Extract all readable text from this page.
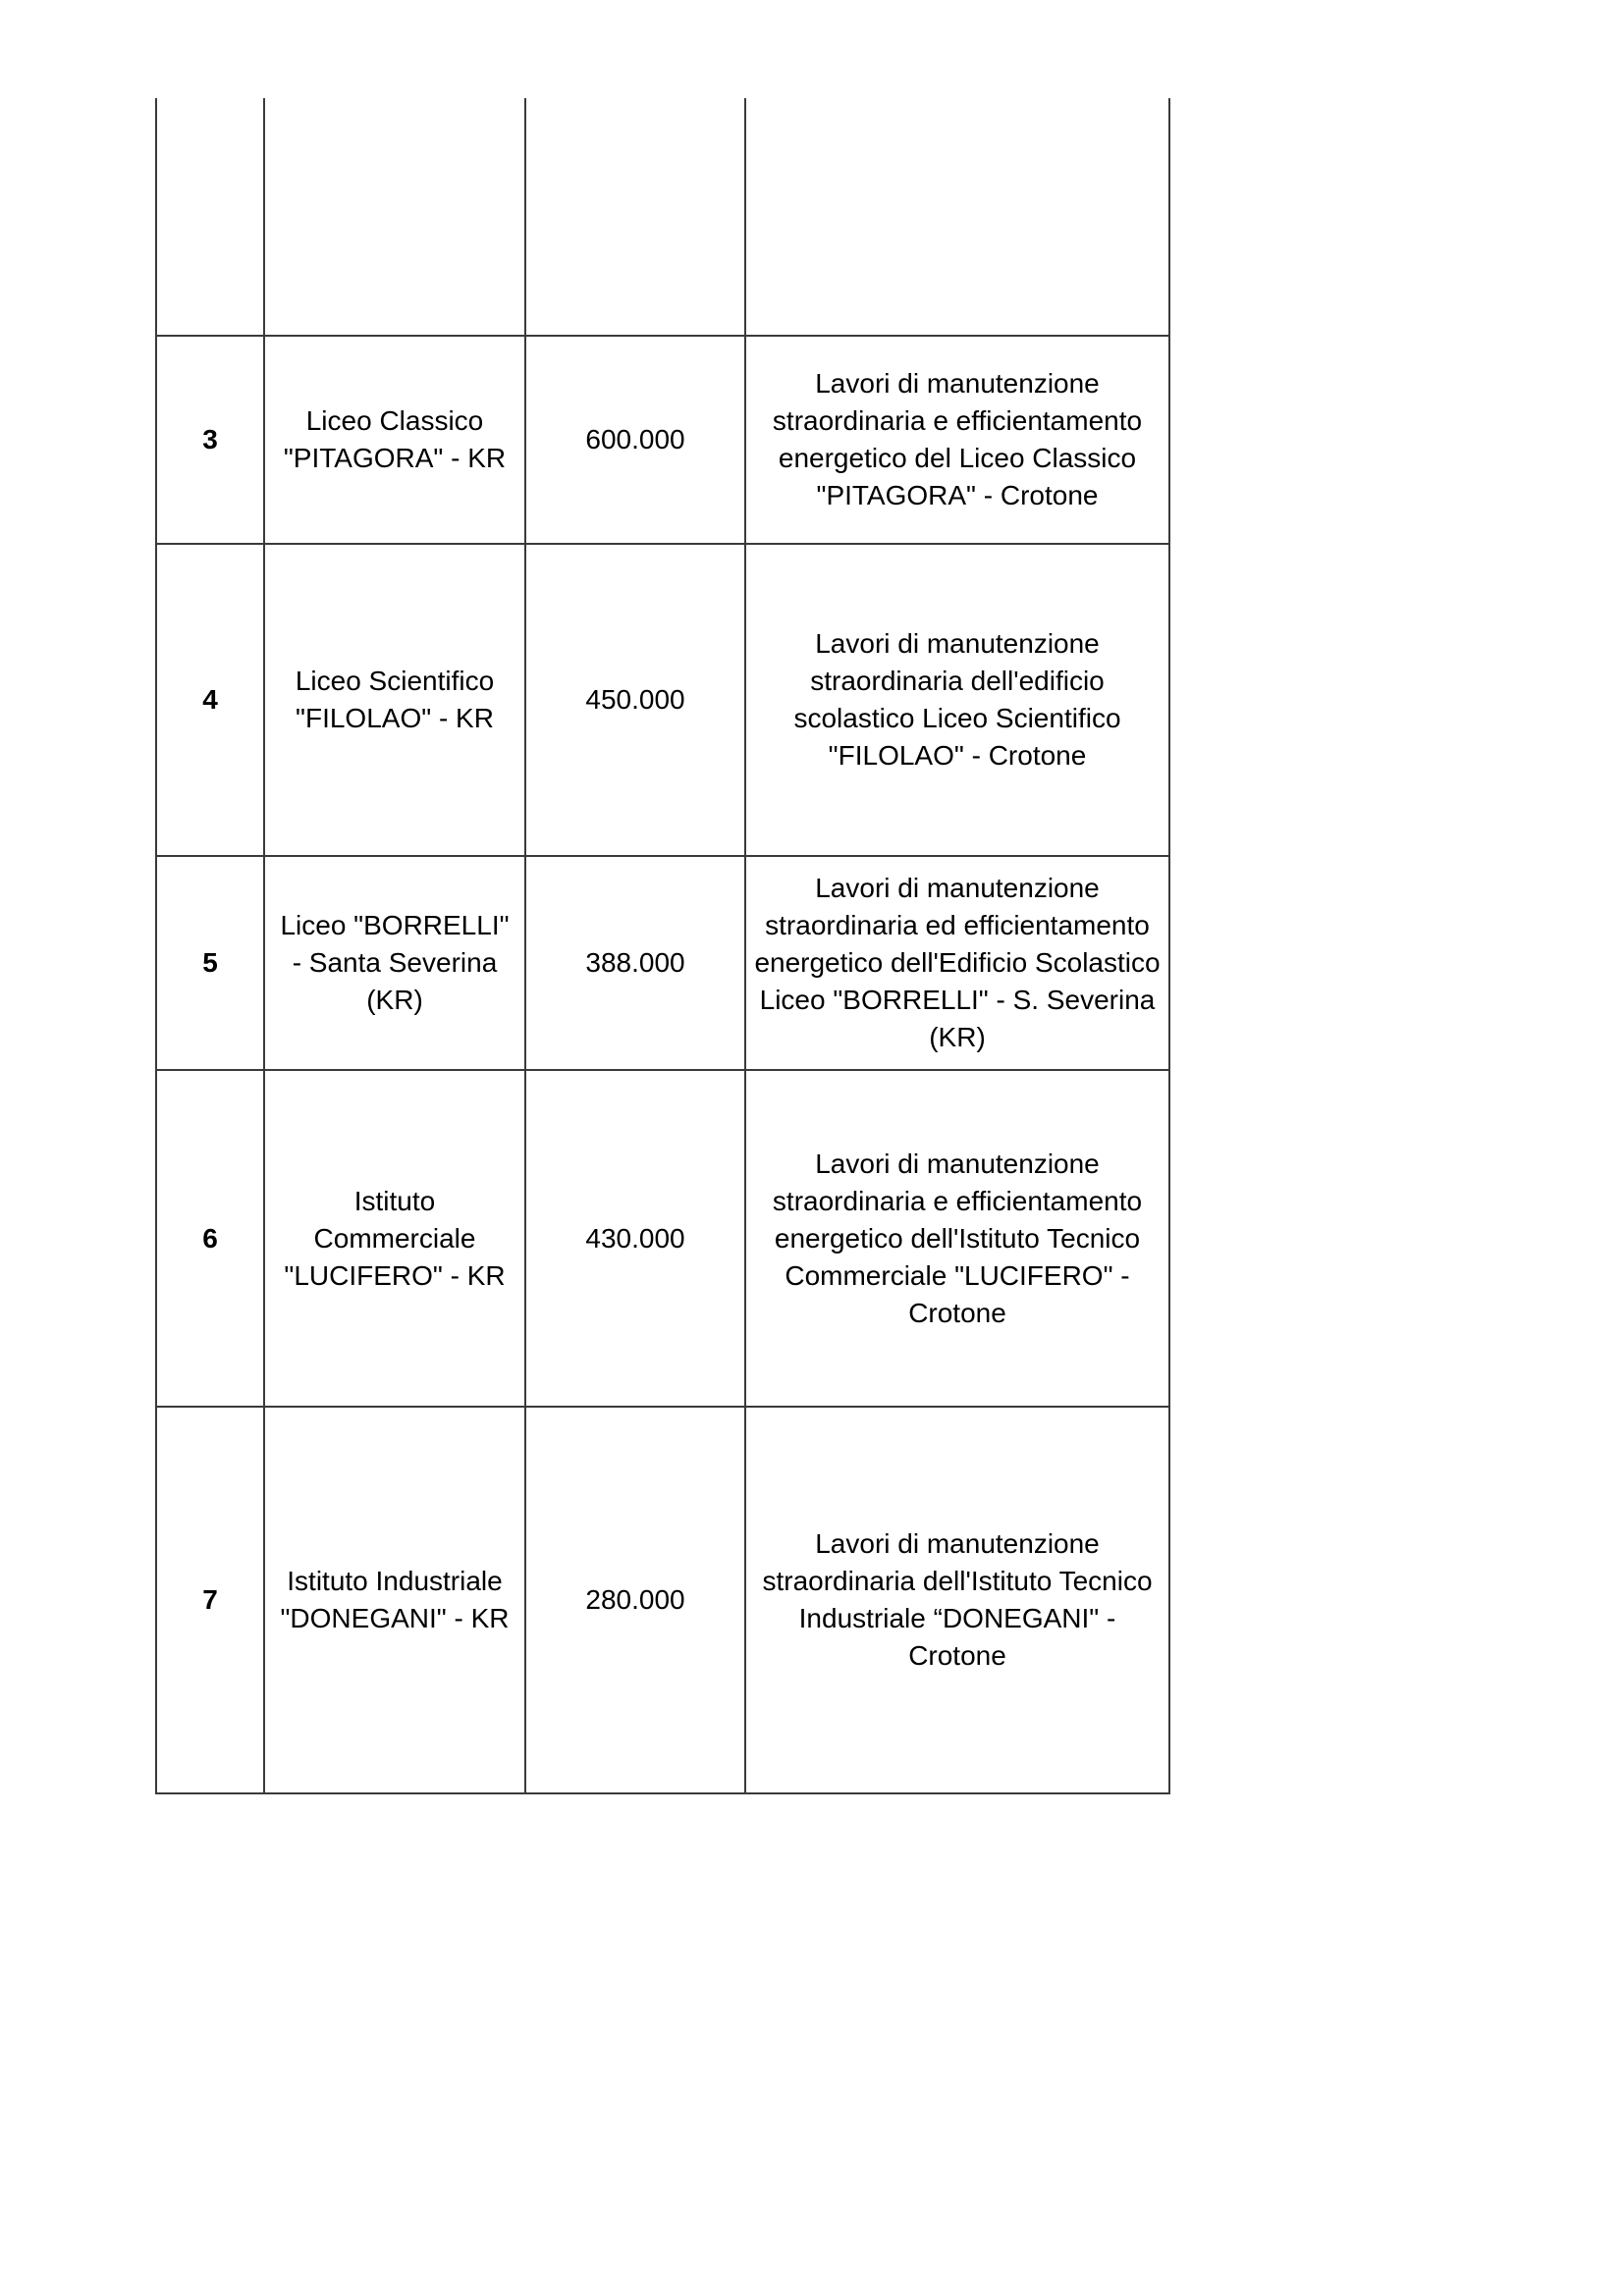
3	Liceo Classico "PITAGORA" - KR	600.000	Lavori di manutenzione straordinaria e efficientamento energetico del Liceo Classico "PITAGORA" - Crotone
4	Liceo Scientifico "FILOLAO" - KR	450.000	Lavori di manutenzione straordinaria dell'edificio scolastico Liceo Scientifico "FILOLAO" - Crotone
5	Liceo "BORRELLI" - Santa Severina (KR)	388.000	Lavori di manutenzione straordinaria ed efficientamento energetico dell'Edificio Scolastico Liceo "BORRELLI" - S. Severina (KR)
6	Istituto Commerciale "LUCIFERO" - KR	430.000	Lavori di manutenzione straordinaria e efficientamento energetico dell'Istituto Tecnico Commerciale "LUCIFERO" - Crotone
7	Istituto Industriale "DONEGANI" - KR	280.000	Lavori di manutenzione straordinaria dell'Istituto Tecnico Industriale “DONEGANI" - Crotone
